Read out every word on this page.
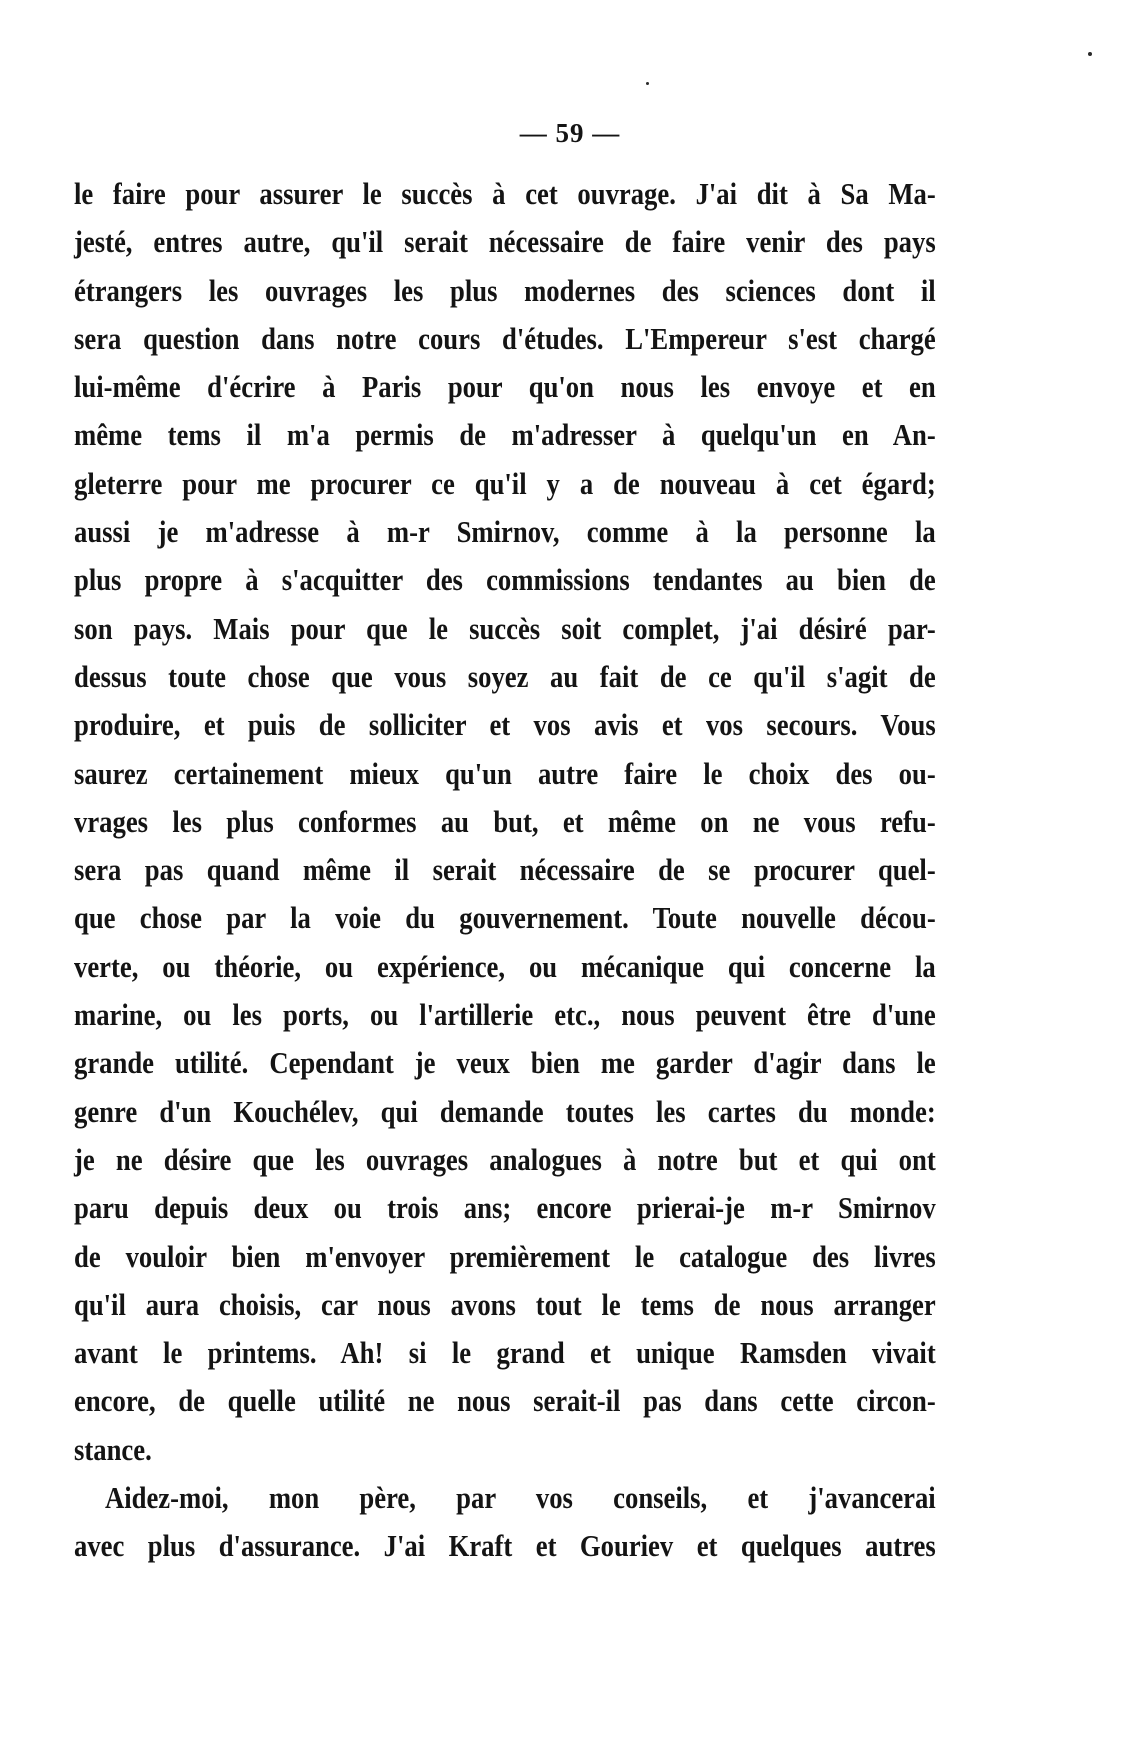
— 59 —
le faire pour assurer le succès à cet ouvrage. J'ai dit à Sa Ma-
jesté, entres autre, qu'il serait nécessaire de faire venir des pays
étrangers les ouvrages les plus modernes des sciences dont il
sera question dans notre cours d'études. L'Empereur s'est chargé
lui-même d'écrire à Paris pour qu'on nous les envoye et en
même tems il m'a permis de m'adresser à quelqu'un en An-
gleterre pour me procurer ce qu'il y a de nouveau à cet égard;
aussi je m'adresse à m-r Smirnov, comme à la personne la
plus propre à s'acquitter des commissions tendantes au bien de
son pays. Mais pour que le succès soit complet, j'ai désiré par-
dessus toute chose que vous soyez au fait de ce qu'il s'agit de
produire, et puis de solliciter et vos avis et vos secours. Vous
saurez certainement mieux qu'un autre faire le choix des ou-
vrages les plus conformes au but, et même on ne vous refu-
sera pas quand même il serait nécessaire de se procurer quel-
que chose par la voie du gouvernement. Toute nouvelle décou-
verte, ou théorie, ou expérience, ou mécanique qui concerne la
marine, ou les ports, ou l'artillerie etc., nous peuvent être d'une
grande utilité. Cependant je veux bien me garder d'agir dans le
genre d'un Kouchélev, qui demande toutes les cartes du monde:
je ne désire que les ouvrages analogues à notre but et qui ont
paru depuis deux ou trois ans; encore prierai-je m-r Smirnov
de vouloir bien m'envoyer premièrement le catalogue des livres
qu'il aura choisis, car nous avons tout le tems de nous arranger
avant le printems. Ah! si le grand et unique Ramsden vivait
encore, de quelle utilité ne nous serait-il pas dans cette circon-
stance.
Aidez-moi, mon père, par vos conseils, et j'avancerai
avec plus d'assurance. J'ai Kraft et Gouriev et quelques autres
